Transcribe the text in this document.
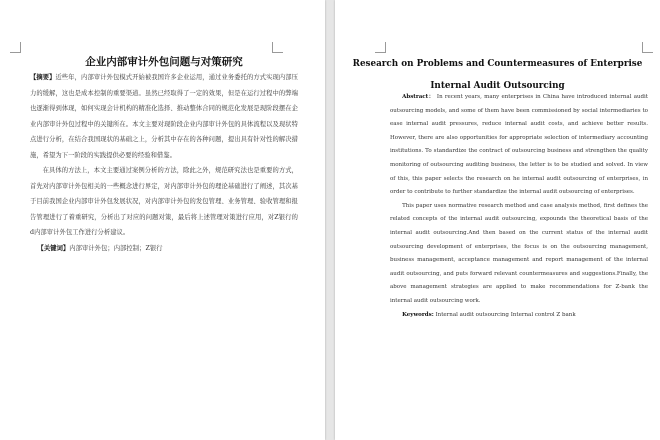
企业内部审计外包问题与对策研究

【摘要】近些年，内部审计外包模式开始被我国许多企业运用，通过业务委托的方式实现内部压力的缓解，这也是成本控制的重要渠道。虽然已经取得了一定的效果，但是在运行过程中的弊端也逐渐得到体现，如何实现会计机构的精准化选择、推动整体合同的规范化发展是现阶段摆在企业内部审计外包过程中的关键所在。本文主要对现阶段企业内部审计外包的具体流程以及现状特点进行分析，在结合我国现状的基础之上，分析其中存在的各种问题，提出具有针对性的解决措施，希望为下一阶段的实践提供必要的经验和借鉴。

在具体的方法上，本文主要通过案例分析的方法，除此之外，规范研究法也是重要的方式，首先对内部审计外包相关的一些概念进行界定，对内部审计外包的理论基础进行了阐述，其次基于目前我国企业内部审计外包发展状况，对内部审计外包的发包管理、业务管理、验收管理和报告管理进行了着重研究，分析出了对应的问题对策，最后将上述管理对策进行应用，对Z银行的d内部审计外包工作进行分析建议。

【关键词】内部审计外包；内部控制；Z银行

Research on Problems and Countermeasures of Enterprise Internal Audit Outsourcing

Abstract： In recent years, many enterprises in China have introduced internal audit outsourcing models, and some of them have been commissioned by social intermediaries to ease internal audit pressures, reduce internal audit costs, and achieve better results. However, there are also opportunities for appropriate selection of intermediary accounting institutions. To standardize the contract of outsourcing business and strengthen the quality monitoring of outsourcing auditing business, the letter is to be studied and solved. In view of this, this paper selects the research on he internal audit outsourcing of enterprises, in order to contribute to further standardize the internal audit outsourcing of enterprises.

This paper uses normative research method and case analysis method, first defines the related concepts of the internal audit outsourcing, expounds the theoretical basis of the internal audit outsourcing.And then based on the current status of the internal audit outsourcing development of enterprises, the focus is on the outsourcing management, business management, acceptance management and report management of the internal audit outsourcing, and puts forward relevant countermeasures and suggestions.Finally, the above management strategies are applied to make recommendations for Z-bank the internal audit outsourcing work.

Keywords: Internal audit outsourcing Internal control Z bank
